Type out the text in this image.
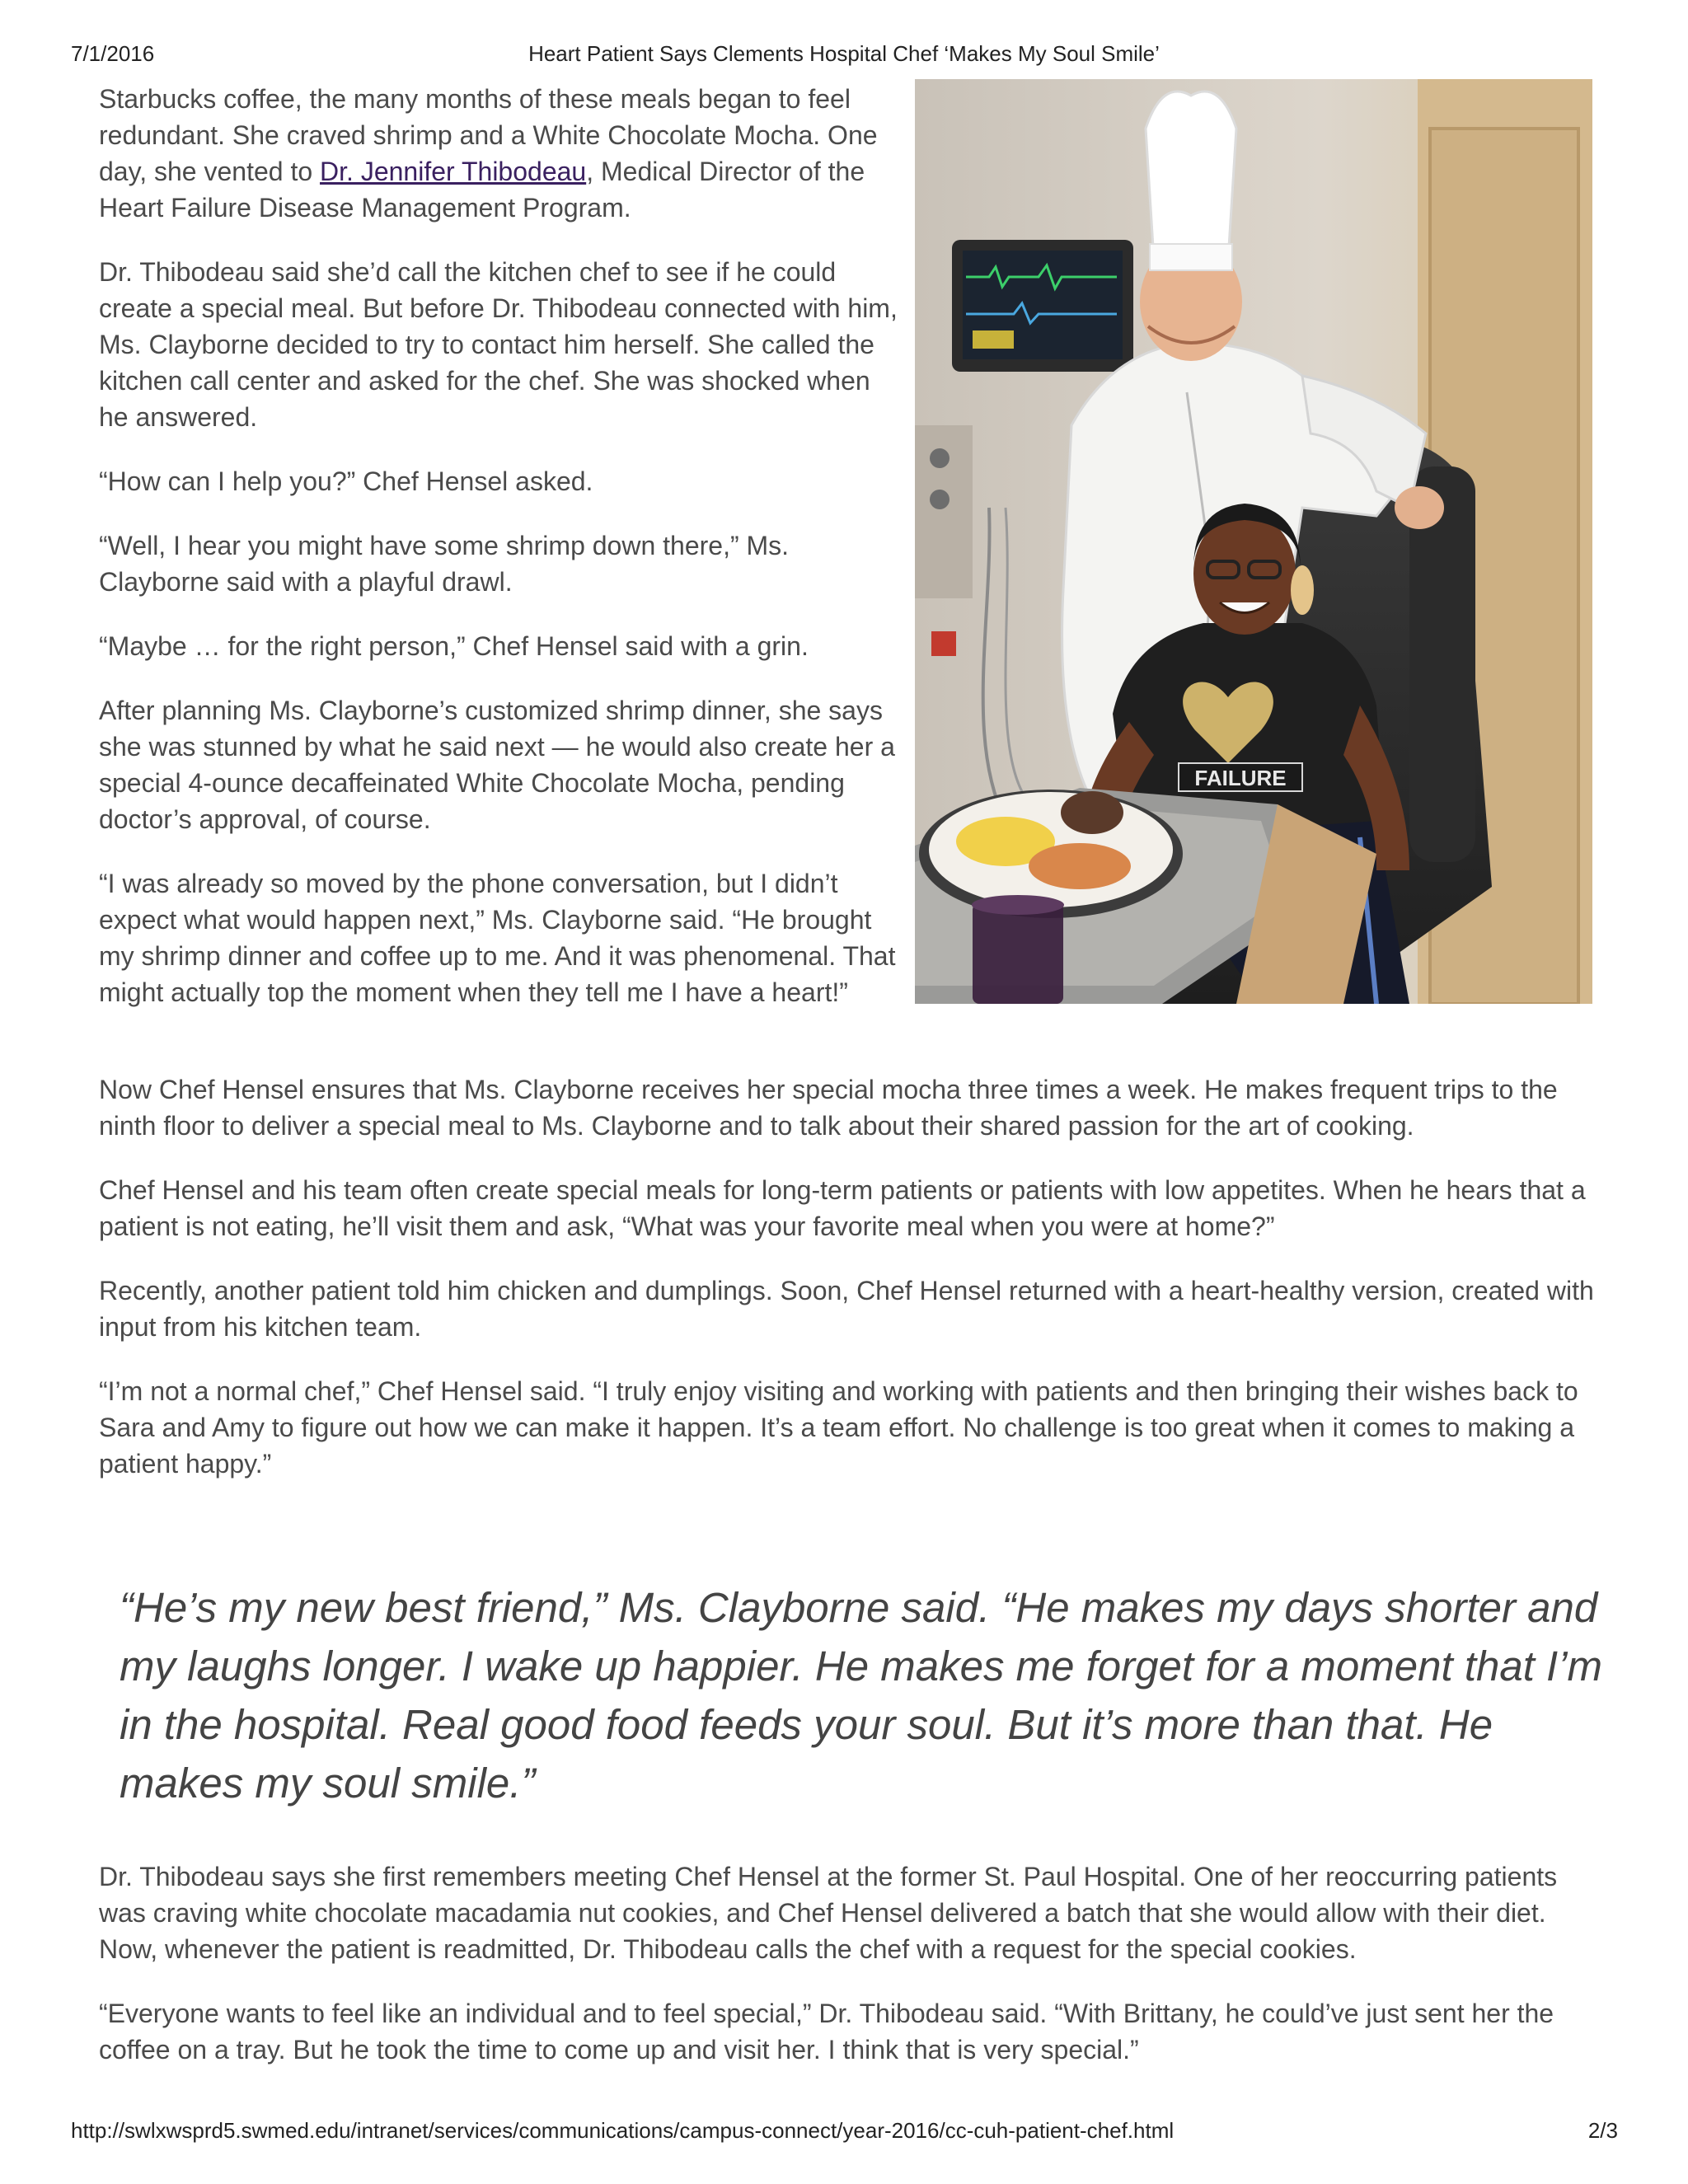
7/1/2016	Heart Patient Says Clements Hospital Chef ‘Makes My Soul Smile’

Starbucks coffee, the many months of these meals began to feel redundant. She craved shrimp and a White Chocolate Mocha. One day, she vented to Dr. Jennifer Thibodeau, Medical Director of the Heart Failure Disease Management Program.

Dr. Thibodeau said she’d call the kitchen chef to see if he could create a special meal. But before Dr. Thibodeau connected with him, Ms. Clayborne decided to try to contact him herself. She called the kitchen call center and asked for the chef. She was shocked when he answered.

“How can I help you?” Chef Hensel asked.

“Well, I hear you might have some shrimp down there,” Ms. Clayborne said with a playful drawl.

“Maybe … for the right person,” Chef Hensel said with a grin.

After planning Ms. Clayborne’s customized shrimp dinner, she says she was stunned by what he said next — he would also create her a special 4-ounce decaffeinated White Chocolate Mocha, pending doctor’s approval, of course.

“I was already so moved by the phone conversation, but I didn’t expect what would happen next,” Ms. Clayborne said. “He brought my shrimp dinner and coffee up to me. And it was phenomenal. That might actually top the moment when they tell me I have a heart!”

FAILURE

Now Chef Hensel ensures that Ms. Clayborne receives her special mocha three times a week. He makes frequent trips to the ninth floor to deliver a special meal to Ms. Clayborne and to talk about their shared passion for the art of cooking.

Chef Hensel and his team often create special meals for long-term patients or patients with low appetites. When he hears that a patient is not eating, he’ll visit them and ask, “What was your favorite meal when you were at home?”

Recently, another patient told him chicken and dumplings. Soon, Chef Hensel returned with a heart-healthy version, created with input from his kitchen team.

“I’m not a normal chef,” Chef Hensel said. “I truly enjoy visiting and working with patients and then bringing their wishes back to Sara and Amy to figure out how we can make it happen. It’s a team effort. No challenge is too great when it comes to making a patient happy.”

“He’s my new best friend,” Ms. Clayborne said. “He makes my days shorter and my laughs longer. I wake up happier. He makes me forget for a moment that I’m in the hospital. Real good food feeds your soul. But it’s more than that. He makes my soul smile.”

Dr. Thibodeau says she first remembers meeting Chef Hensel at the former St. Paul Hospital. One of her reoccurring patients was craving white chocolate macadamia nut cookies, and Chef Hensel delivered a batch that she would allow with their diet. Now, whenever the patient is readmitted, Dr. Thibodeau calls the chef with a request for the special cookies.

“Everyone wants to feel like an individual and to feel special,” Dr. Thibodeau said. “With Brittany, he could’ve just sent her the coffee on a tray. But he took the time to come up and visit her. I think that is very special.”

http://swlxwsprd5.swmed.edu/intranet/services/communications/campus-connect/year-2016/cc-cuh-patient-chef.html	2/3
